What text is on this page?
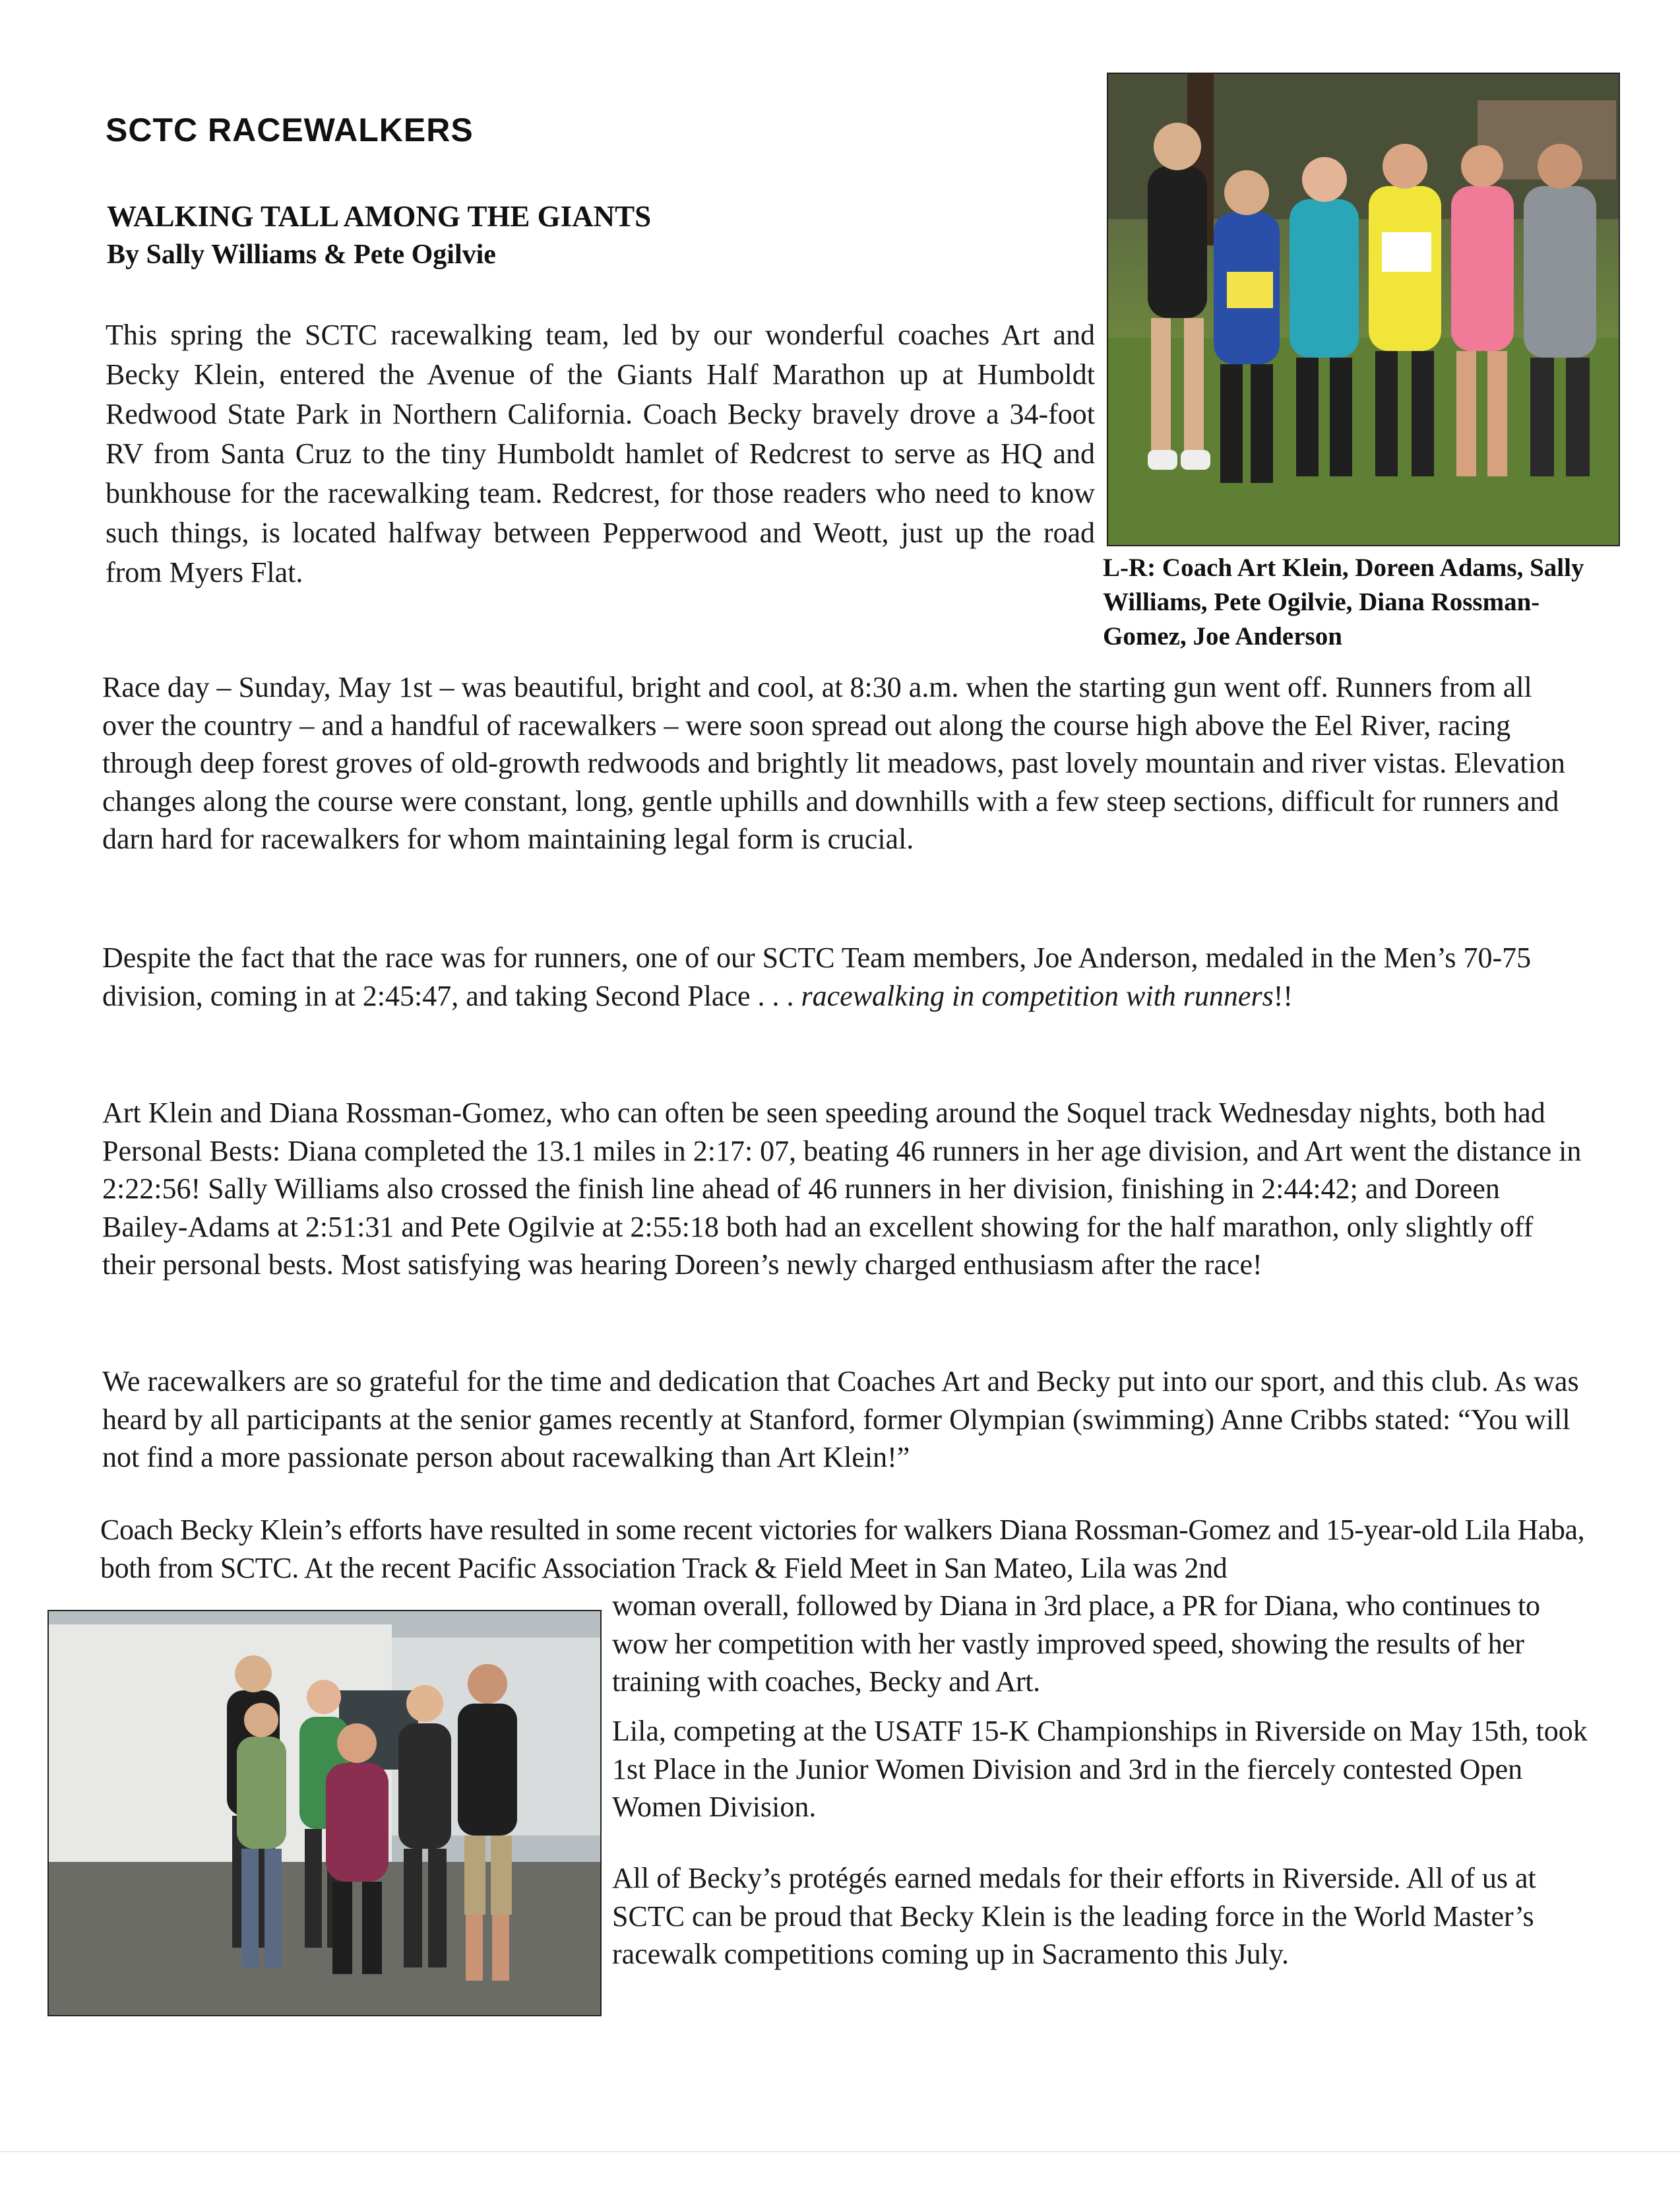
SCTC RACEWALKERS
WALKING TALL AMONG THE GIANTS
By Sally Williams & Pete Ogilvie

This spring the SCTC racewalking team, led by our wonderful coaches Art and Becky Klein, entered the Avenue of the Giants Half Marathon up at Humboldt Redwood State Park in Northern California. Coach Becky bravely drove a 34-foot RV from Santa Cruz to the tiny Humboldt hamlet of Redcrest to serve as HQ and bunkhouse for the racewalking team. Redcrest, for those readers who need to know such things, is located halfway between Pepperwood and Weott, just up the road from Myers Flat.	L-R: Coach Art Klein, Doreen Adams, Sally Williams, Pete Ogilvie, Diana Rossman-Gomez, Joe Anderson

Race day – Sunday, May 1st – was beautiful, bright and cool, at 8:30 a.m. when the starting gun went off. Runners from all over the country – and a handful of racewalkers – were soon spread out along the course high above the Eel River, racing through deep forest groves of old-growth redwoods and brightly lit meadows, past lovely mountain and river vistas. Elevation changes along the course were constant, long, gentle uphills and downhills with a few steep sections, difficult for runners and darn hard for racewalkers for whom maintaining legal form is crucial.

Despite the fact that the race was for runners, one of our SCTC Team members, Joe Anderson, medaled in the Men’s 70-75 division, coming in at 2:45:47, and taking Second Place . . . racewalking in competition with runners!!

Art Klein and Diana Rossman-Gomez, who can often be seen speeding around the Soquel track Wednesday nights, both had Personal Bests: Diana completed the 13.1 miles in 2:17: 07, beating 46 runners in her age division, and Art went the distance in 2:22:56! Sally Williams also crossed the finish line ahead of 46 runners in her division, finishing in 2:44:42; and Doreen Bailey-Adams at 2:51:31 and Pete Ogilvie at 2:55:18 both had an excellent showing for the half marathon, only slightly off their personal bests. Most satisfying was hearing Doreen’s newly charged enthusiasm after the race!

We racewalkers are so grateful for the time and dedication that Coaches Art and Becky put into our sport, and this club. As was heard by all participants at the senior games recently at Stanford, former Olympian (swimming) Anne Cribbs stated: “You will not find a more passionate person about racewalking than Art Klein!”

Coach Becky Klein’s efforts have resulted in some recent victories for walkers Diana Rossman-Gomez and 15-year-old Lila Haba, both from SCTC. At the recent Pacific Association Track & Field Meet in San Mateo, Lila was 2nd

woman overall, followed by Diana in 3rd place, a PR for Diana, who continues to wow her competition with her vastly improved speed, showing the results of her training with coaches, Becky and Art.

Lila, competing at the USATF 15-K Championships in Riverside on May 15th, took 1st Place in the Junior Women Division and 3rd in the fiercely contested Open Women Division.

All of Becky’s protégés earned medals for their efforts in Riverside. All of us at SCTC can be proud that Becky Klein is the leading force in the World Master’s racewalk competitions coming up in Sacramento this July.
